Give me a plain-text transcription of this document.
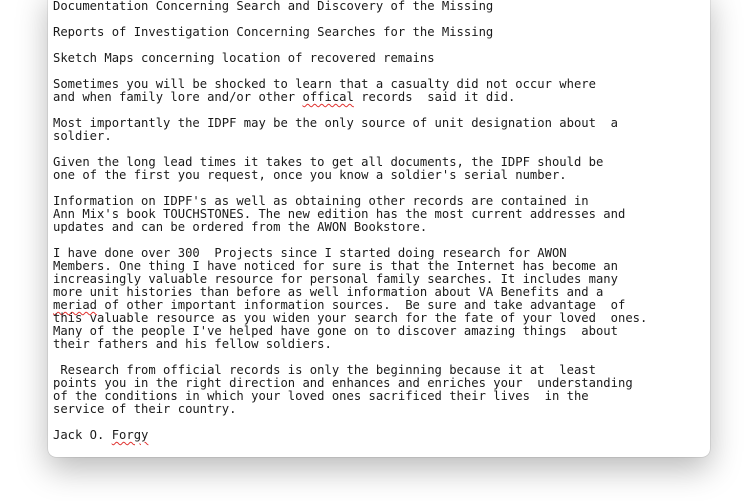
Documentation Concerning Search and Discovery of the Missing
Reports of Investigation Concerning Searches for the Missing
Sketch Maps concerning location of recovered remains
Sometimes you will be shocked to learn that a casualty did not occur where
and when family lore and/or other offical records  said it did.
Most importantly the IDPF may be the only source of unit designation about  a
soldier.
Given the long lead times it takes to get all documents, the IDPF should be
one of the first you request, once you know a soldier's serial number.
Information on IDPF's as well as obtaining other records are contained in
Ann Mix's book TOUCHSTONES. The new edition has the most current addresses and
updates and can be ordered from the AWON Bookstore.
I have done over 300  Projects since I started doing research for AWON
Members. One thing I have noticed for sure is that the Internet has become an
increasingly valuable resource for personal family searches. It includes many
more unit histories than before as well information about VA Benefits and a
meriad of other important information sources.  Be sure and take advantage  of
this valuable resource as you widen your search for the fate of your loved  ones.
Many of the people I've helped have gone on to discover amazing things  about
their fathers and his fellow soldiers.
Research from official records is only the beginning because it at  least
points you in the right direction and enhances and enriches your  understanding
of the conditions in which your loved ones sacrificed their lives  in the
service of their country.
Jack O. Forgy
